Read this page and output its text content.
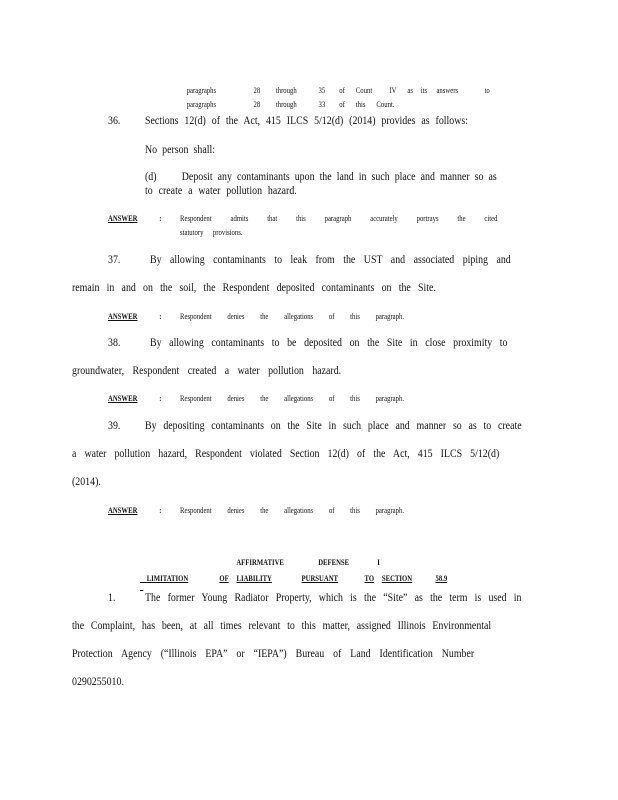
paragraphs	28 through	35 of Count IV as its answers	to

paragraphs	28 through	33 of this Count.

36. Sections 12(d) of the Act, 415 ILCS 5/12(d) (2014) provides as follows:
No person shall:
(d)     Deposit any contaminants upon the land in such place and manner so as
to create a water pollution hazard.
ANSWER	: Respondent admits that this paragraph accurately portrays the cited
statutory provisions.
37.	By allowing contaminants to leak from the UST and associated piping and
remain in and on the soil, the Respondent deposited contaminants on the Site.
ANSWER	: Respondent denies the allegations of this paragraph.
38.	By allowing contaminants to be deposited on the Site in close proximity to
groundwater, Respondent created a water pollution hazard.
ANSWER	: Respondent denies the allegations of this paragraph.
39. By depositing contaminants on the Site in such place and manner so as to create
a water pollution hazard, Respondent violated Section 12(d) of the Act, 415 ILCS 5/12(d)
(2014).
ANSWER	: Respondent denies the allegations of this paragraph.

AFFIRMATIVE	DEFENSE	I

LIMITATION	OF LIABILITY	PURSUANT	TO SECTION	58.9

1.	The former Young Radiator Property, which is the “Site” as the term is used in
the Complaint, has been, at all times relevant to this matter, assigned Illinois Environmental
Protection Agency (“Illinois EPA” or “IEPA”) Bureau of Land Identification Number
0290255010.
